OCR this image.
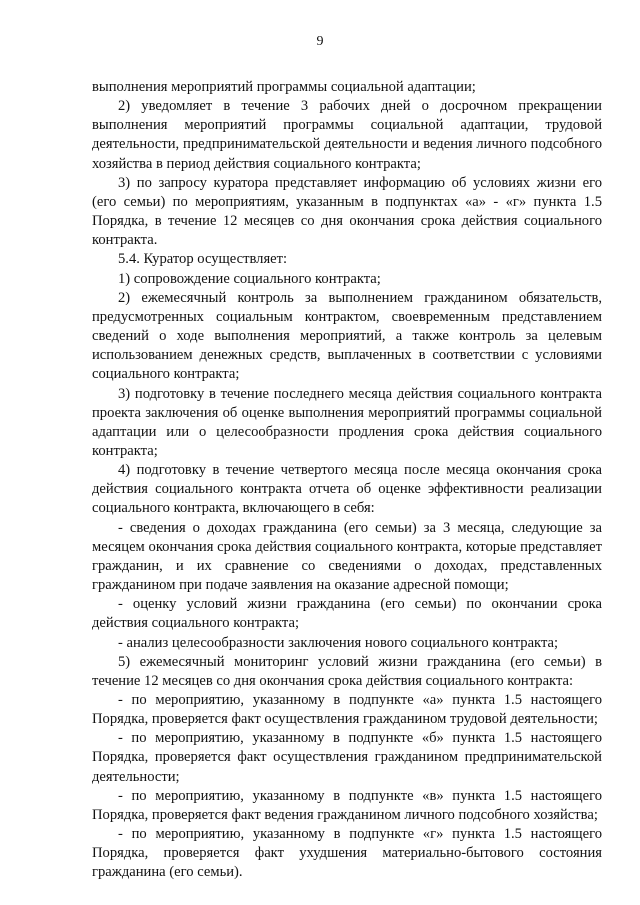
9

выполнения мероприятий программы социальной адаптации;

2) уведомляет в течение 3 рабочих дней о досрочном прекращении выполнения мероприятий программы социальной адаптации, трудовой деятельности, предпринимательской деятельности и ведения личного подсобного хозяйства в период действия социального контракта;

3) по запросу куратора представляет информацию об условиях жизни его (его семьи) по мероприятиям, указанным в подпунктах «а» - «г» пункта 1.5 Порядка, в течение 12 месяцев со дня окончания срока действия социального контракта.

5.4. Куратор осуществляет:

1) сопровождение социального контракта;

2) ежемесячный контроль за выполнением гражданином обязательств, предусмотренных социальным контрактом, своевременным представлением сведений о ходе выполнения мероприятий, а также контроль за целевым использованием денежных средств, выплаченных в соответствии с условиями социального контракта;

3) подготовку в течение последнего месяца действия социального контракта проекта заключения об оценке выполнения мероприятий программы социальной адаптации или о целесообразности продления срока действия социального контракта;

4) подготовку в течение четвертого месяца после месяца окончания срока действия социального контракта отчета об оценке эффективности реализации социального контракта, включающего в себя:

- сведения о доходах гражданина (его семьи) за 3 месяца, следующие за месяцем окончания срока действия социального контракта, которые представляет гражданин, и их сравнение со сведениями о доходах, представленных гражданином при подаче заявления на оказание адресной помощи;

- оценку условий жизни гражданина (его семьи) по окончании срока действия социального контракта;

- анализ целесообразности заключения нового социального контракта;

5) ежемесячный мониторинг условий жизни гражданина (его семьи) в течение 12 месяцев со дня окончания срока действия социального контракта:

- по мероприятию, указанному в подпункте «а» пункта 1.5 настоящего Порядка, проверяется факт осуществления гражданином трудовой деятельности;

- по мероприятию, указанному в подпункте «б» пункта 1.5 настоящего Порядка, проверяется факт осуществления гражданином предпринимательской деятельности;

- по мероприятию, указанному в подпункте «в» пункта 1.5 настоящего Порядка, проверяется факт ведения гражданином личного подсобного хозяйства;

- по мероприятию, указанному в подпункте «г» пункта 1.5 настоящего Порядка, проверяется факт ухудшения материально-бытового состояния гражданина (его семьи).
